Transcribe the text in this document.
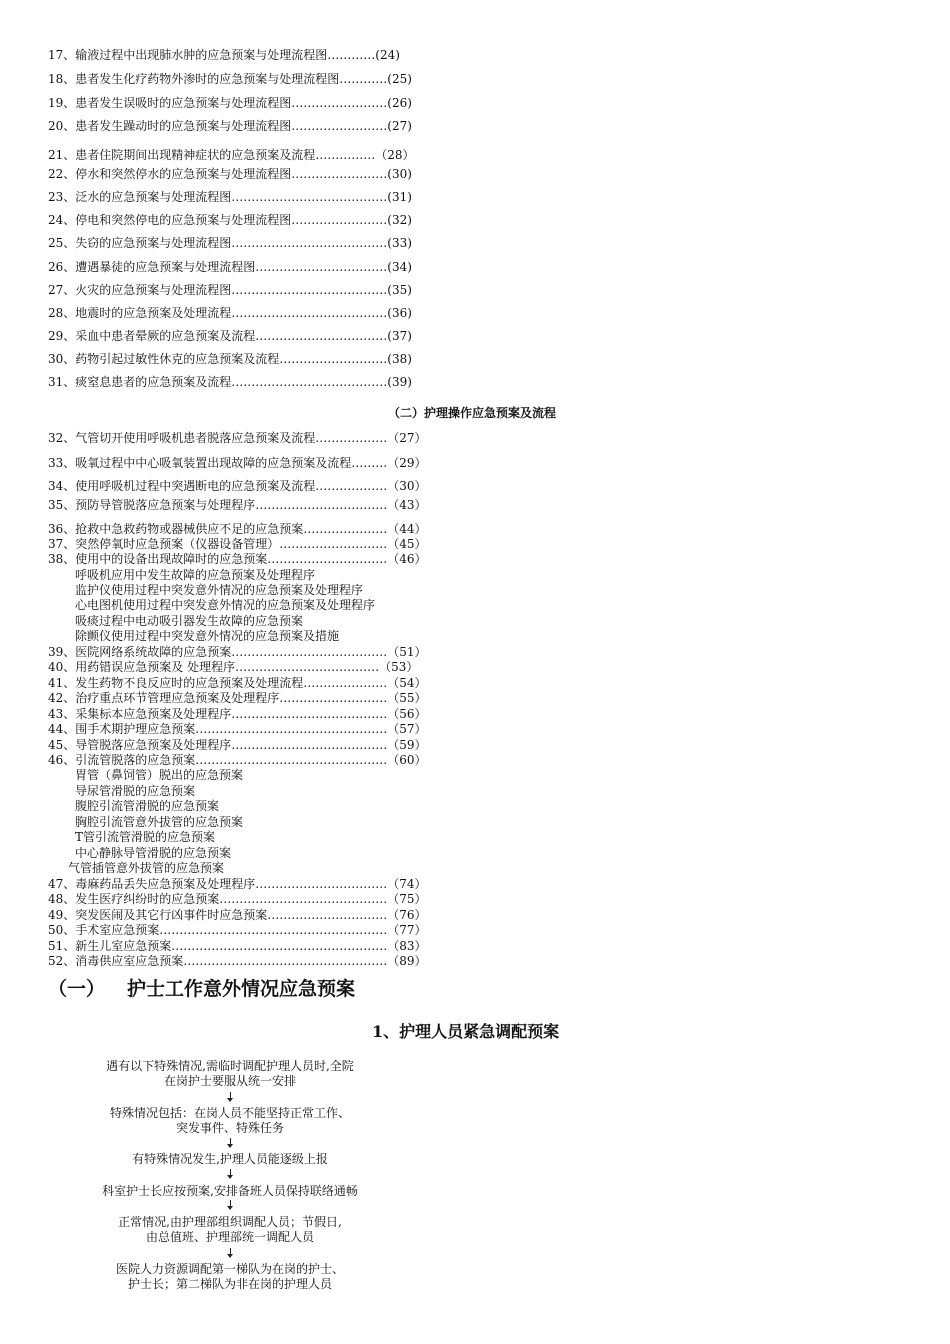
17、输液过程中出现肺水肿的应急预案与处理流程图…………(24)
18、患者发生化疗药物外渗时的应急预案与处理流程图…………(25)
19、患者发生误吸时的应急预案与处理流程图……………………(26)
20、患者发生躁动时的应急预案与处理流程图……………………(27)
21、患者住院期间出现精神症状的应急预案及流程……………（28）
22、停水和突然停水的应急预案与处理流程图……………………(30)
23、泛水的应急预案与处理流程图…………………………………(31)
24、停电和突然停电的应急预案与处理流程图……………………(32)
25、失窃的应急预案与处理流程图…………………………………(33)
26、遭遇暴徒的应急预案与处理流程图……………………………(34)
27、火灾的应急预案与处理流程图…………………………………(35)
28、地震时的应急预案及处理流程…………………………………(36)
29、采血中患者晕厥的应急预案及流程……………………………(37)
30、药物引起过敏性休克的应急预案及流程………………………(38)
31、痰窒息患者的应急预案及流程…………………………………(39)
（二）护理操作应急预案及流程
32、气管切开使用呼吸机患者脱落应急预案及流程………………（27）
33、吸氧过程中中心吸氧装置出现故障的应急预案及流程………（29）
34、使用呼吸机过程中突遇断电的应急预案及流程………………（30）
35、预防导管脱落应急预案与处理程序……………………………（43）
36、抢救中急救药物或器械供应不足的应急预案…………………（44）
37、突然停氧时应急预案（仪器设备管理）………………………（45）
38、使用中的设备出现故障时的应急预案…………………………（46）
呼吸机应用中发生故障的应急预案及处理程序
监护仪使用过程中突发意外情况的应急预案及处理程序
心电图机使用过程中突发意外情况的应急预案及处理程序
吸痰过程中电动吸引器发生故障的应急预案
除颤仪使用过程中突发意外情况的应急预案及措施
39、医院网络系统故障的应急预案…………………………………（51）
40、用药错误应急预案及 处理程序………………………………（53）
41、发生药物不良反应时的应急预案及处理流程…………………（54）
42、治疗重点环节管理应急预案及处理程序………………………（55）
43、采集标本应急预案及处理程序…………………………………（56）
44、围手术期护理应急预案…………………………………………（57）
45、导管脱落应急预案及处理程序…………………………………（59）
46、引流管脱落的应急预案…………………………………………（60）
胃管（鼻饲管）脱出的应急预案
导尿管滑脱的应急预案
腹腔引流管滑脱的应急预案
胸腔引流管意外拔管的应急预案
T管引流管滑脱的应急预案
中心静脉导管滑脱的应急预案
气管插管意外拔管的应急预案
47、毒麻药品丢失应急预案及处理程序……………………………（74）
48、发生医疗纠纷时的应急预案……………………………………（75）
49、突发医闹及其它行凶事件时应急预案…………………………（76）
50、手术室应急预案…………………………………………………（77）
51、新生儿室应急预案………………………………………………（83）
52、消毒供应室应急预案……………………………………………（89）
（一） 护士工作意外情况应急预案
1、护理人员紧急调配预案
遇有以下特殊情况,需临时调配护理人员时,全院
在岗护士要服从统一安排
特殊情况包括：在岗人员不能坚持正常工作、
突发事件、特殊任务
有特殊情况发生,护理人员能逐级上报
科室护士长应按预案,安排备班人员保持联络通畅
正常情况,由护理部组织调配人员；节假日,
由总值班、护理部统一调配人员
医院人力资源调配第一梯队为在岗的护士、
护士长；第二梯队为非在岗的护理人员
